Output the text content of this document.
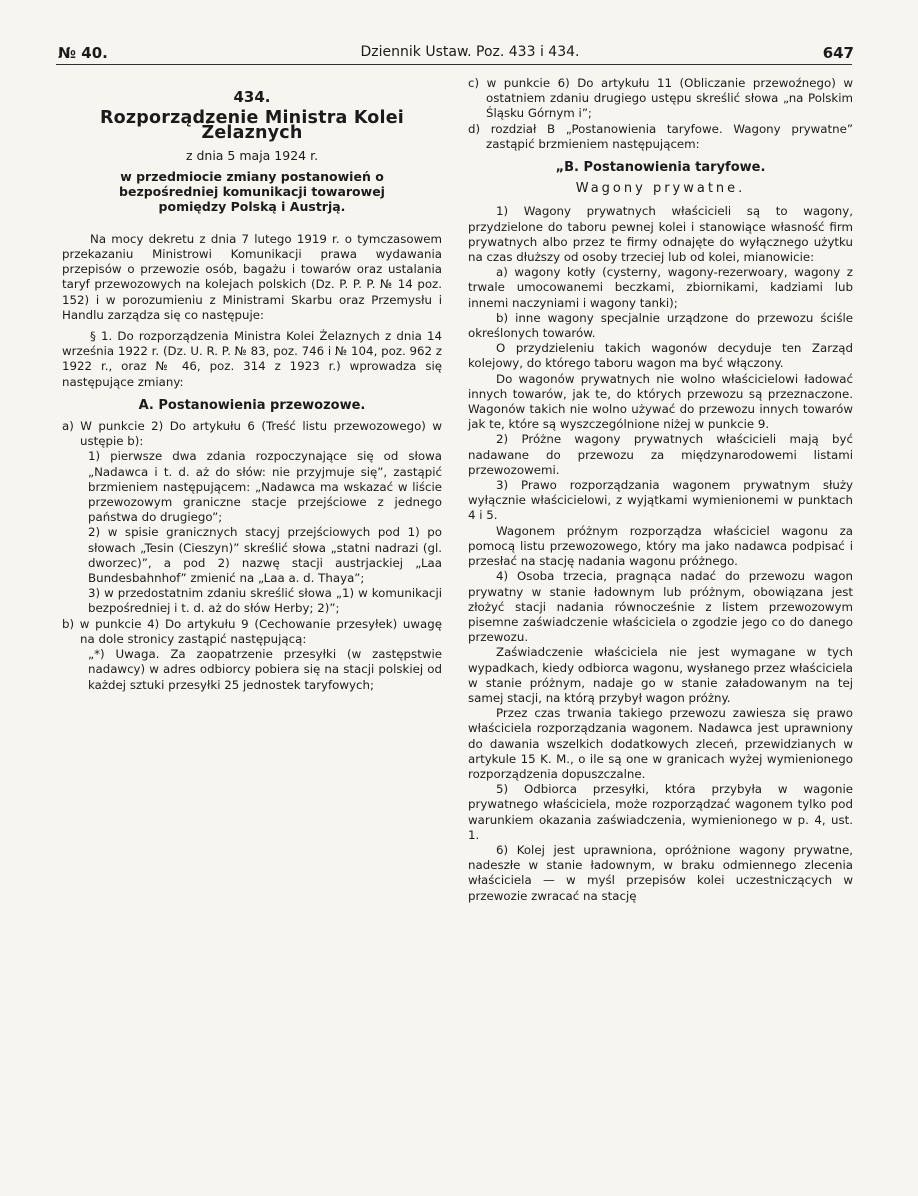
№ 40.	Dziennik Ustaw. Poz. 433 i 434.	647
434.
Rozporządzenie Ministra Kolei Żelaznych
z dnia 5 maja 1924 r.
w przedmiocie zmiany postanowień o bezpośredniej komunikacji towarowej pomiędzy Polską i Austrją.

Na mocy dekretu z dnia 7 lutego 1919 r. o tymczasowem przekazaniu Ministrowi Komunikacji prawa wydawania przepisów o przewozie osób, bagażu i towarów oraz ustalania taryf przewozowych na kolejach polskich (Dz. P. P. P. № 14 poz. 152) i w porozumieniu z Ministrami Skarbu oraz Przemysłu i Handlu zarządza się co następuje:

§ 1. Do rozporządzenia Ministra Kolei Żelaznych z dnia 14 września 1922 r. (Dz. U. R. P. № 83, poz. 746 i № 104, poz. 962 z 1922 r., oraz № 46, poz. 314 z 1923 r.) wprowadza się następujące zmiany:

A. Postanowienia przewozowe.

a) W punkcie 2) Do artykułu 6 (Treść listu przewozowego) w ustępie b):

1) pierwsze dwa zdania rozpoczynające się od słowa „Nadawca i t. d. aż do słów: nie przyjmuje się”, zastąpić brzmieniem następującem: „Nadawca ma wskazać w liście przewozowym graniczne stacje przejściowe z jednego państwa do drugiego”;

2) w spisie granicznych stacyj przejściowych pod 1) po słowach „Tesin (Cieszyn)” skreślić słowa „statni nadrazi (gl. dworzec)”, a pod 2) nazwę stacji austrjackiej „Laa Bundesbahnhof” zmienić na „Laa a. d. Thaya”;

3) w przedostatnim zdaniu skreślić słowa „1) w komunikacji bezpośredniej i t. d. aż do słów Herby; 2)”;

b) w punkcie 4) Do artykułu 9 (Cechowanie przesyłek) uwagę na dole stronicy zastąpić następującą:

„*) Uwaga. Za zaopatrzenie przesyłki (w zastępstwie nadawcy) w adres odbiorcy pobiera się na stacji polskiej od każdej sztuki przesyłki 25 jednostek taryfowych;

c) w punkcie 6) Do artykułu 11 (Obliczanie przewoźnego) w ostatniem zdaniu drugiego ustępu skreślić słowa „na Polskim Śląsku Górnym i”;

d) rozdział B „Postanowienia taryfowe. Wagony prywatne” zastąpić brzmieniem następującem:

„B. Postanowienia taryfowe.
Wagony prywatne.

1) Wagony prywatnych właścicieli są to wagony, przydzielone do taboru pewnej kolei i stanowiące własność firm prywatnych albo przez te firmy odnajęte do wyłącznego użytku na czas dłuższy od osoby trzeciej lub od kolei, mianowicie:

a) wagony kotły (cysterny, wagony-rezerwoary, wagony z trwale umocowanemi beczkami, zbiornikami, kadziami lub innemi naczyniami i wagony tanki);

b) inne wagony specjalnie urządzone do przewozu ściśle określonych towarów.

O przydzieleniu takich wagonów decyduje ten Zarząd kolejowy, do którego taboru wagon ma być włączony.

Do wagonów prywatnych nie wolno właścicielowi ładować innych towarów, jak te, do których przewozu są przeznaczone. Wagonów takich nie wolno używać do przewozu innych towarów jak te, które są wyszczególnione niżej w punkcie 9.

2) Próżne wagony prywatnych właścicieli mają być nadawane do przewozu za międzynarodowemi listami przewozowemi.

3) Prawo rozporządzania wagonem prywatnym służy wyłącznie właścicielowi, z wyjątkami wymienionemi w punktach 4 i 5.

Wagonem próżnym rozporządza właściciel wagonu za pomocą listu przewozowego, który ma jako nadawca podpisać i przesłać na stację nadania wagonu próżnego.

4) Osoba trzecia, pragnąca nadać do przewozu wagon prywatny w stanie ładownym lub próżnym, obowiązana jest złożyć stacji nadania równocześnie z listem przewozowym pisemne zaświadczenie właściciela o zgodzie jego co do danego przewozu.

Zaświadczenie właściciela nie jest wymagane w tych wypadkach, kiedy odbiorca wagonu, wysłanego przez właściciela w stanie próżnym, nadaje go w stanie załadowanym na tej samej stacji, na którą przybył wagon próżny.

Przez czas trwania takiego przewozu zawiesza się prawo właściciela rozporządzania wagonem. Nadawca jest uprawniony do dawania wszelkich dodatkowych zleceń, przewidzianych w artykule 15 K. M., o ile są one w granicach wyżej wymienionego rozporządzenia dopuszczalne.

5) Odbiorca przesyłki, która przybyła w wagonie prywatnego właściciela, może rozporządzać wagonem tylko pod warunkiem okazania zaświadczenia, wymienionego w p. 4, ust. 1.

6) Kolej jest uprawniona, opróżnione wagony prywatne, nadeszłe w stanie ładownym, w braku odmiennego zlecenia właściciela — w myśl przepisów kolei uczestniczących w przewozie zwracać na stację
